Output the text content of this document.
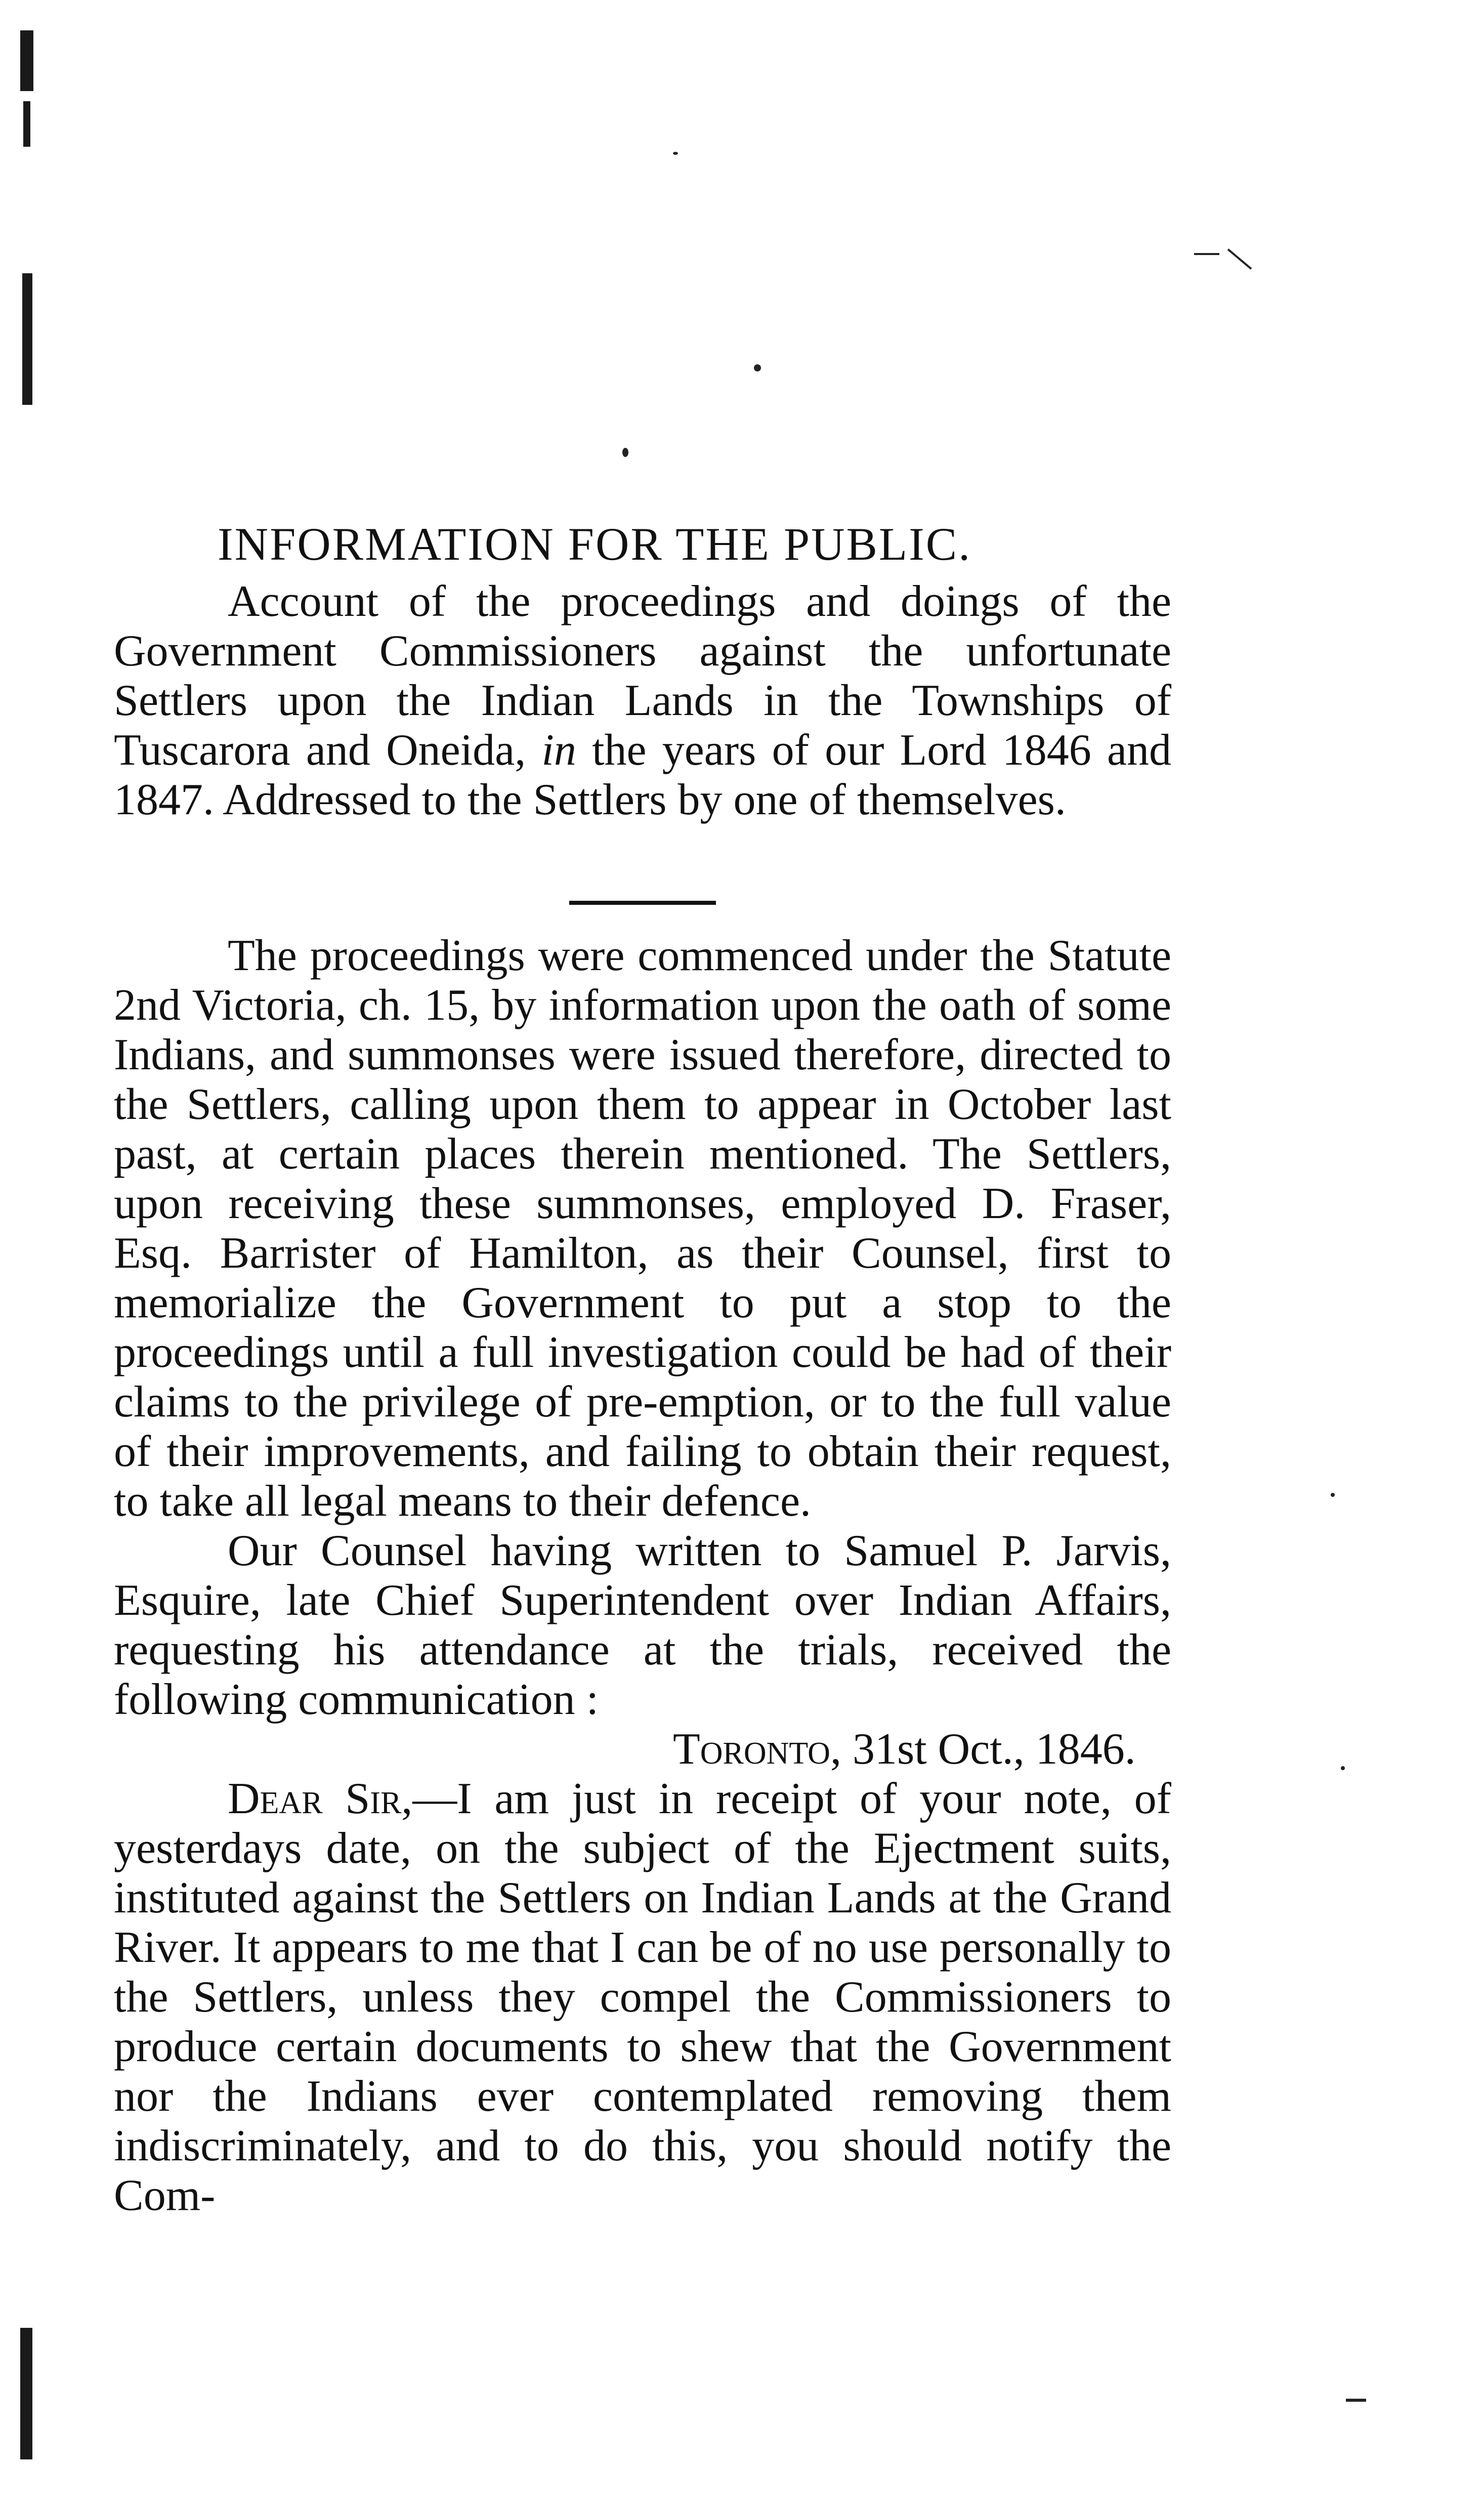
INFORMATION FOR THE PUBLIC.

Account of the proceedings and doings of the Government Commissioners against the unfortunate Settlers upon the Indian Lands in the Townships of Tuscarora and Oneida, in the years of our Lord 1846 and 1847. Addressed to the Settlers by one of themselves.

The proceedings were commenced under the Statute 2nd Victoria, ch. 15, by information upon the oath of some Indians, and summonses were issued therefore, directed to the Settlers, calling upon them to appear in October last past, at certain places therein mentioned. The Settlers, upon receiving these summonses, employed D. Fraser, Esq. Barrister of Hamilton, as their Counsel, first to memorialize the Government to put a stop to the proceedings until a full investigation could be had of their claims to the privilege of pre-emption, or to the full value of their improvements, and failing to obtain their request, to take all legal means to their defence.

Our Counsel having written to Samuel P. Jarvis, Esquire, late Chief Superintendent over Indian Affairs, requesting his attendance at the trials, received the following communication :

Toronto, 31st Oct., 1846.

Dear Sir,—I am just in receipt of your note, of yesterdays date, on the subject of the Ejectment suits, instituted against the Settlers on Indian Lands at the Grand River. It appears to me that I can be of no use personally to the Settlers, unless they compel the Commissioners to produce certain documents to shew that the Government nor the Indians ever contemplated removing them indiscriminately, and to do this, you should notify the Com-
